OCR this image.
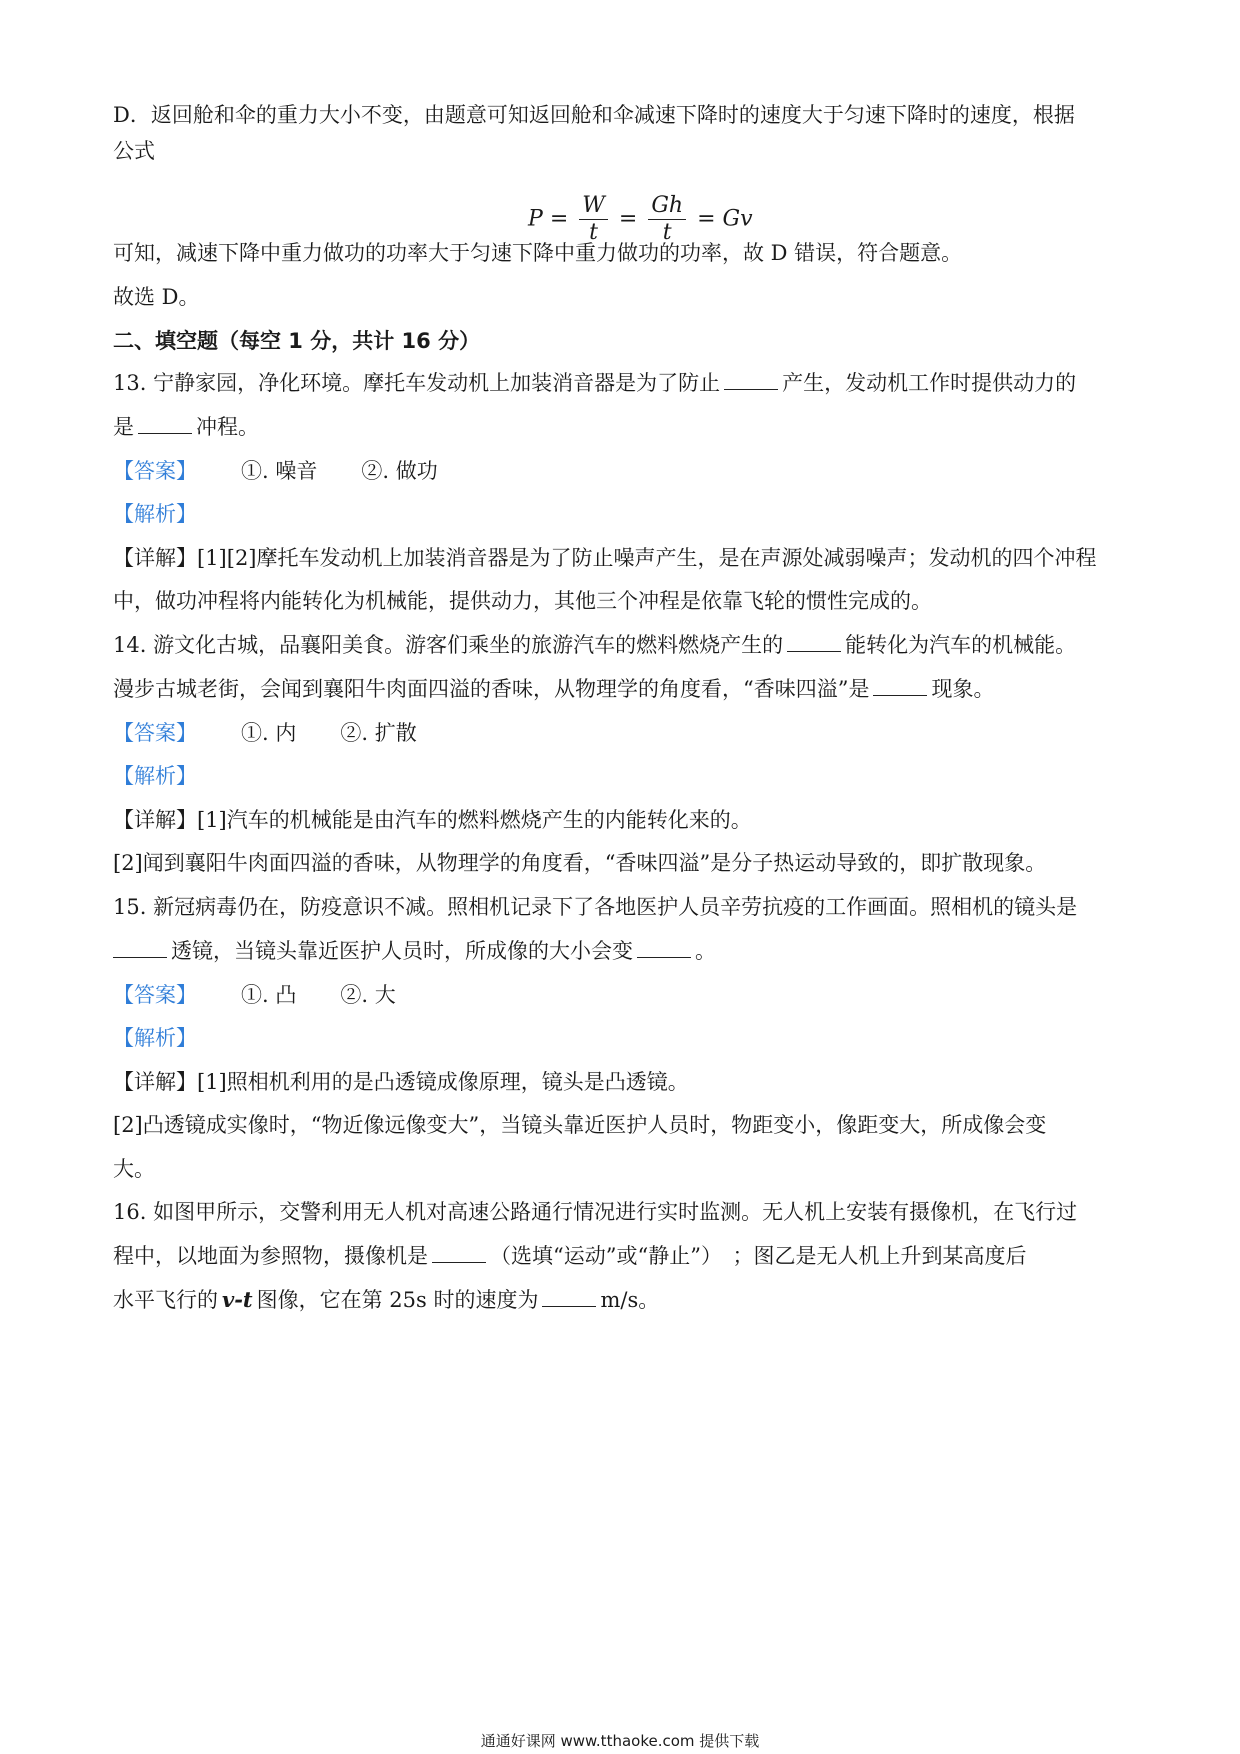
D．返回舱和伞的重力大小不变，由题意可知返回舱和伞减速下降时的速度大于匀速下降时的速度，根据
公式
$P = \frac{W}{t} = \frac{Gh}{t} = Gv$
可知，减速下降中重力做功的功率大于匀速下降中重力做功的功率，故 D 错误，符合题意。
故选 D。
二、填空题（每空 1 分，共计 16 分）
13. 宁静家园，净化环境。摩托车发动机上加装消音器是为了防止	产生，发动机工作时提供动力的
是	冲程。
【答案】 ①. 噪音 ②. 做功
【解析】
【详解】[1][2]摩托车发动机上加装消音器是为了防止噪声产生，是在声源处减弱噪声；发动机的四个冲程
中，做功冲程将内能转化为机械能，提供动力，其他三个冲程是依靠飞轮的惯性完成的。
14. 游文化古城，品襄阳美食。游客们乘坐的旅游汽车的燃料燃烧产生的	能转化为汽车的机械能。
漫步古城老街，会闻到襄阳牛肉面四溢的香味，从物理学的角度看，“香味四溢”是	现象。
【答案】 ①. 内 ②. 扩散
【解析】
【详解】[1]汽车的机械能是由汽车的燃料燃烧产生的内能转化来的。
[2]闻到襄阳牛肉面四溢的香味，从物理学的角度看，“香味四溢”是分子热运动导致的，即扩散现象。
15. 新冠病毒仍在，防疫意识不减。照相机记录下了各地医护人员辛劳抗疫的工作画面。照相机的镜头是
透镜，当镜头靠近医护人员时，所成像的大小会变	。
【答案】 ①. 凸 ②. 大
【解析】
【详解】[1]照相机利用的是凸透镜成像原理，镜头是凸透镜。
[2]凸透镜成实像时，“物近像远像变大”，当镜头靠近医护人员时，物距变小，像距变大，所成像会变
大。
16. 如图甲所示，交警利用无人机对高速公路通行情况进行实时监测。无人机上安装有摄像机，在飞行过
程中，以地面为参照物，摄像机是	（选填“运动”或“静止”）　；图乙是无人机上升到某高度后
水平飞行的 v-t 图像，它在第 25s 时的速度为	m/s。
通通好课网 www.tthaoke.com 提供下载
